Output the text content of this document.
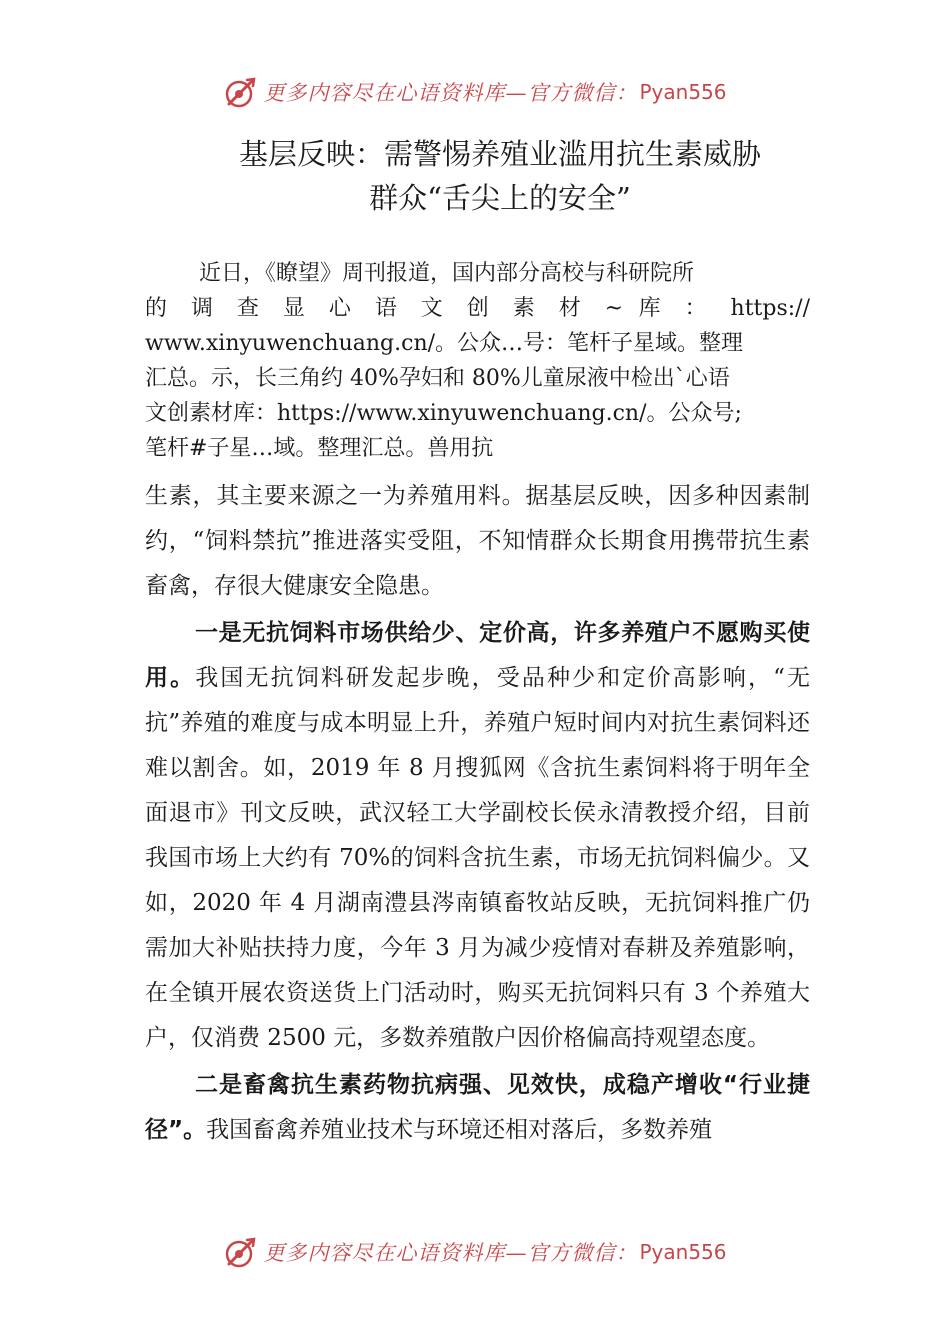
更多内容尽在心语资料库—官方微信： Pyan556
基层反映：需警惕养殖业滥用抗生素威胁
群众“舌尖上的安全”
近日，《瞭望》周刊报道，国内部分高校与科研院所
的 调 查 显 心 语 文 创 素 材 ~ 库 ： https://
www.xinyuwenchuang.cn/。公众…号：笔杆子星域。整理
汇总。示，长三角约 40%孕妇和 80%儿童尿液中检出`心语
文创素材库：https://www.xinyuwenchuang.cn/。公众号;
笔杆#子星…域。整理汇总。兽用抗

生素，其主要来源之一为养殖用料。据基层反映，因多种因素制约，“饲料禁抗”推进落实受阻，不知情群众长期食用携带抗生素畜禽，存很大健康安全隐患。

一是无抗饲料市场供给少、定价高，许多养殖户不愿购买使用。我国无抗饲料研发起步晚，受品种少和定价高影响，“无抗”养殖的难度与成本明显上升，养殖户短时间内对抗生素饲料还难以割舍。如，2019 年 8 月搜狐网《含抗生素饲料将于明年全面退市》刊文反映，武汉轻工大学副校长侯永清教授介绍，目前我国市场上大约有 70%的饲料含抗生素，市场无抗饲料偏少。又如，2020 年 4 月湖南澧县涔南镇畜牧站反映，无抗饲料推广仍需加大补贴扶持力度，今年 3 月为减少疫情对春耕及养殖影响，在全镇开展农资送货上门活动时，购买无抗饲料只有 3 个养殖大户，仅消费 2500 元，多数养殖散户因价格偏高持观望态度。

二是畜禽抗生素药物抗病强、见效快，成稳产增收“行业捷径”。我国畜禽养殖业技术与环境还相对落后，多数养殖

更多内容尽在心语资料库—官方微信： Pyan556
